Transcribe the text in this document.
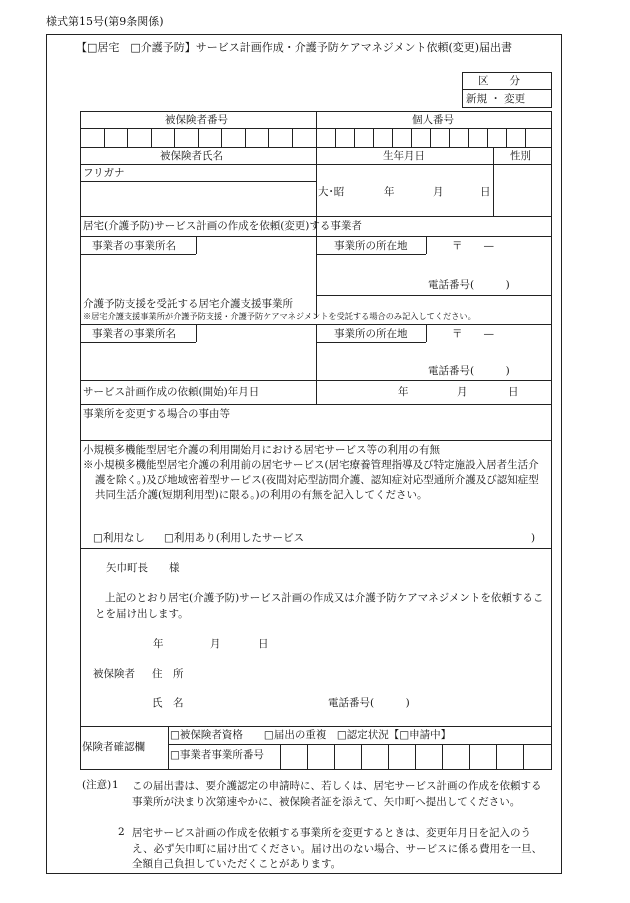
様式第15号(第9条関係)
【□居宅　□介護予防】サービス計画作成・介護予防ケアマネジメント依頼(変更)届出書
区　　分
新規 ・ 変更
被保険者番号	個人番号
被保険者氏名	生年月日	性別
フリガナ
大･昭	年	月	日
居宅(介護予防)サービス計画の作成を依頼(変更)する事業者
事業者の事業所名	事業所の所在地	〒　　—
電話番号(　　　)
介護予防支援を受託する居宅介護支援事業所
※居宅介護支援事業所が介護予防支援・介護予防ケアマネジメントを受託する場合のみ記入してください。
事業者の事業所名	事業所の所在地	〒　　—
電話番号(　　　)
サービス計画作成の依頼(開始)年月日	年	月	日
事業所を変更する場合の事由等
小規模多機能型居宅介護の利用開始月における居宅サービス等の利用の有無
※小規模多機能型居宅介護の利用前の居宅サービス(居宅療養管理指導及び特定施設入居者生活介護を除く。)及び地域密着型サービス(夜間対応型訪問介護、認知症対応型通所介護及び認知症型共同生活介護(短期利用型)に限る。)の利用の有無を記入してください。
□利用なし □利用あり(利用したサービス	)
矢巾町長　　様
上記のとおり居宅(介護予防)サービス計画の作成又は介護予防ケアマネジメントを依頼することを届け出します。
年	月	日
被保険者 住　所
氏　名	電話番号(　　　)
保険者確認欄
□被保険者資格　　□届出の重複　□認定状況【□申請中】
□事業者事業所番号
(注意) 1 この届出書は、要介護認定の申請時に、若しくは、居宅サービス計画の作成を依頼する事業所が決まり次第速やかに、被保険者証を添えて、矢巾町へ提出してください。
2 居宅サービス計画の作成を依頼する事業所を変更するときは、変更年月日を記入のうえ、必ず矢巾町に届け出てください。届け出のない場合、サービスに係る費用を一旦、全額自己負担していただくことがあります。
